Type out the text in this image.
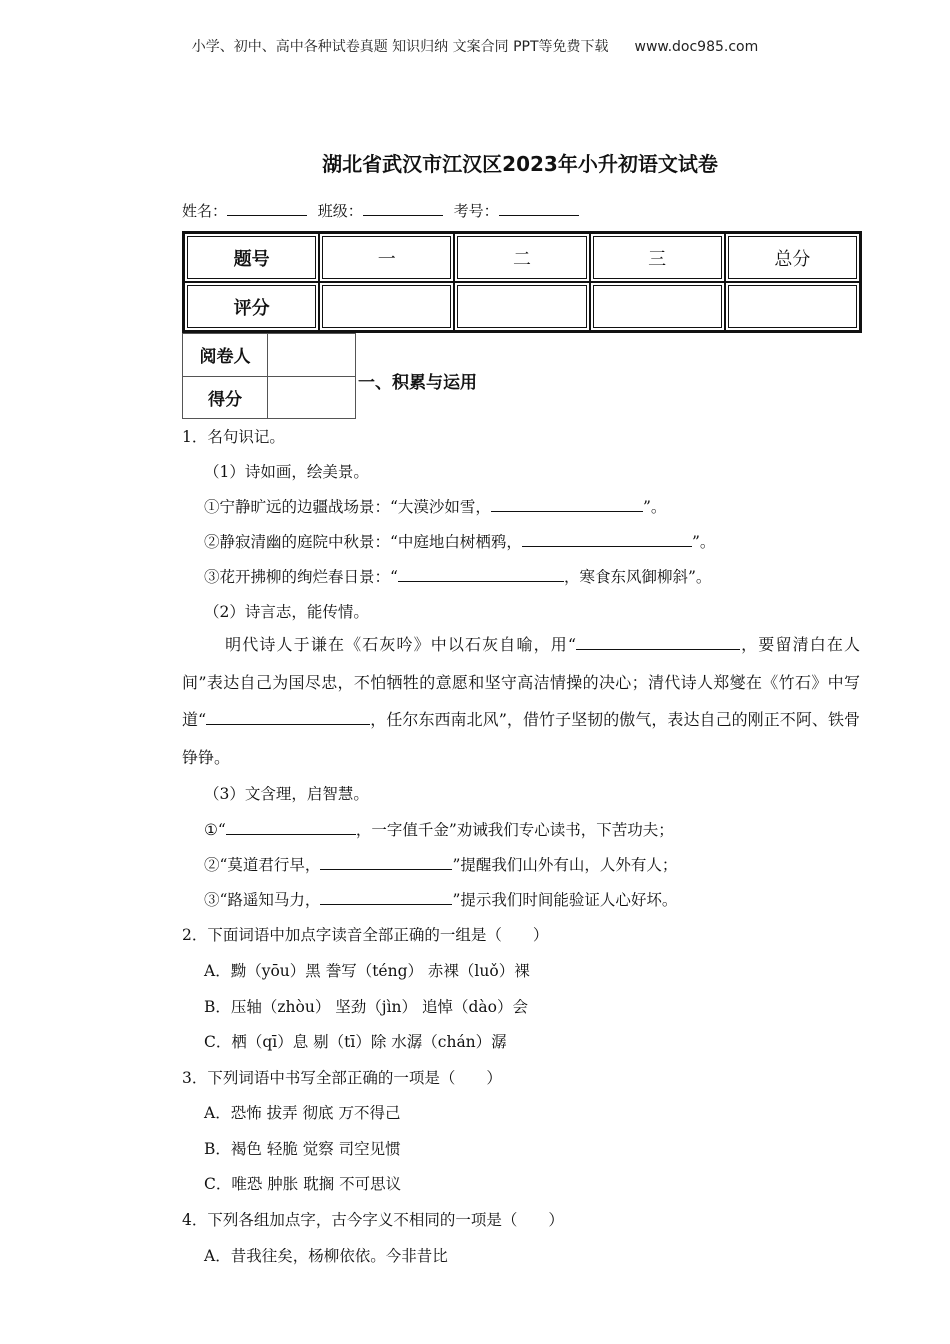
小学、初中、高中各种试卷真题 知识归纳 文案合同 PPT等免费下载 www.doc985.com
湖北省武汉市江汉区2023年小升初语文试卷
姓名：	班级：	考号：
题号	一	二	三	总分
评分				
阅卷人	
得分	
一、积累与运用
1．名句识记。
（1）诗如画，绘美景。
①宁静旷远的边疆战场景：“大漠沙如雪，	”。
②静寂清幽的庭院中秋景：“中庭地白树栖鸦，	”。
③花开拂柳的绚烂春日景：“	，寒食东风御柳斜”。
（2）诗言志，能传情。
明代诗人于谦在《石灰吟》中以石灰自喻，用“	，要留清白在人间”表达自己为国尽忠，不怕牺牲的意愿和坚守高洁情操的决心；清代诗人郑燮在《竹石》中写道“	，任尔东西南北风”，借竹子坚韧的傲气，表达自己的刚正不阿、铁骨铮铮。
（3）文含理，启智慧。
①“	，一字值千金”劝诫我们专心读书，下苦功夫；
②“莫道君行早，	”提醒我们山外有山，人外有人；
③“路遥知马力，	”提示我们时间能验证人心好坏。
2．下面词语中加点字读音全部正确的一组是（　　）
A．黝（yōu）黑 誊写（téng） 赤裸（luǒ）裸
B．压轴（zhòu） 坚劲（jìn） 追悼（dào）会
C．栖（qī）息 剔（tī）除 水潺（chán）潺
3．下列词语中书写全部正确的一项是（　　）
A．恐怖 拔弄 彻底 万不得己
B．褐色 轻脆 觉察 司空见惯
C．唯恐 肿胀 耽搁 不可思议
4．下列各组加点字，古今字义不相同的一项是（　　）
A．昔我往矣，杨柳依依。今非昔比
